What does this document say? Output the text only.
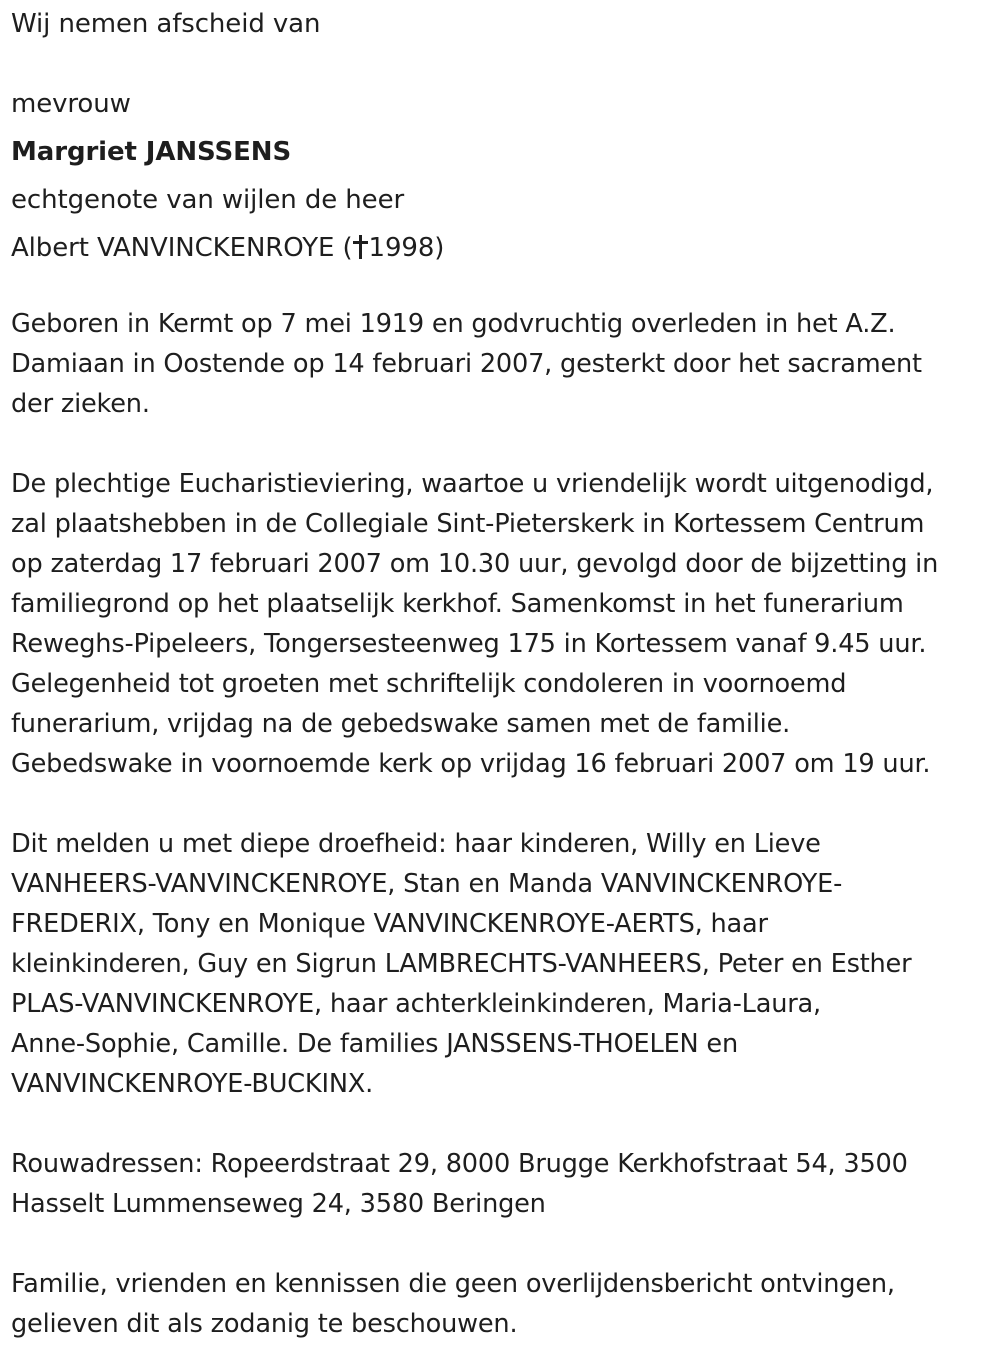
Wij nemen afscheid van
mevrouw
Margriet JANSSENS
echtgenote van wijlen de heer
Albert VANVINCKENROYE ( 1998)
Geboren in Kermt op 7 mei 1919 en godvruchtig overleden in het A.Z.
Damiaan in Oostende op 14 februari 2007, gesterkt door het sacrament
der zieken.
De plechtige Eucharistieviering, waartoe u vriendelijk wordt uitgenodigd,
zal plaatshebben in de Collegiale Sint-Pieterskerk in Kortessem Centrum
op zaterdag 17 februari 2007 om 10.30 uur, gevolgd door de bijzetting in
familiegrond op het plaatselijk kerkhof. Samenkomst in het funerarium
Reweghs-Pipeleers, Tongersesteenweg 175 in Kortessem vanaf 9.45 uur.
Gelegenheid tot groeten met schriftelijk condoleren in voornoemd
funerarium, vrijdag na de gebedswake samen met de familie.
Gebedswake in voornoemde kerk op vrijdag 16 februari 2007 om 19 uur.
Dit melden u met diepe droefheid: haar kinderen, Willy en Lieve
VANHEERS-VANVINCKENROYE, Stan en Manda VANVINCKENROYE-
FREDERIX, Tony en Monique VANVINCKENROYE-AERTS, haar
kleinkinderen, Guy en Sigrun LAMBRECHTS-VANHEERS, Peter en Esther
PLAS-VANVINCKENROYE, haar achterkleinkinderen, Maria-Laura,
Anne-Sophie, Camille. De families JANSSENS-THOELEN en
VANVINCKENROYE-BUCKINX.
Rouwadressen: Ropeerdstraat 29, 8000 Brugge Kerkhofstraat 54, 3500
Hasselt Lummenseweg 24, 3580 Beringen
Familie, vrienden en kennissen die geen overlijdensbericht ontvingen,
gelieven dit als zodanig te beschouwen.
